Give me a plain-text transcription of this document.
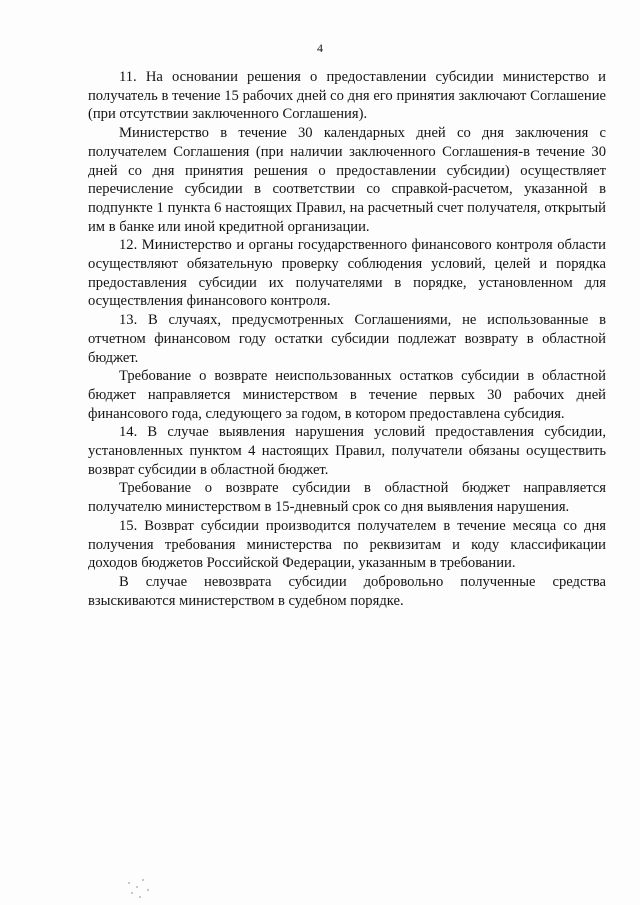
4

11. На основании решения о предоставлении субсидии министерство и получатель в течение 15 рабочих дней со дня его принятия заключают Соглашение (при отсутствии заключенного Соглашения).

Министерство в течение 30 календарных дней со дня заключения с получателем Соглашения (при наличии заключенного Соглашения-в течение 30 дней со дня принятия решения о предоставлении субсидии) осуществляет перечисление субсидии в соответствии со справкой-расчетом, указанной в подпункте 1 пункта 6 настоящих Правил, на расчетный счет получателя, открытый им в банке или иной кредитной организации.

12. Министерство и органы государственного финансового контроля области осуществляют обязательную проверку соблюдения условий, целей и порядка предоставления субсидии их получателями в порядке, установленном для осуществления финансового контроля.

13. В случаях, предусмотренных Соглашениями, не использованные в отчетном финансовом году остатки субсидии подлежат возврату в областной бюджет.

Требование о возврате неиспользованных остатков субсидии в областной бюджет направляется министерством в течение первых 30 рабочих дней финансового года, следующего за годом, в котором предоставлена субсидия.

14. В случае выявления нарушения условий предоставления субсидии, установленных пунктом 4 настоящих Правил, получатели обязаны осуществить возврат субсидии в областной бюджет.

Требование о возврате субсидии в областной бюджет направляется получателю министерством в 15-дневный срок со дня выявления нарушения.

15. Возврат субсидии производится получателем в течение месяца со дня получения требования министерства по реквизитам и коду классификации доходов бюджетов Российской Федерации, указанным в требовании.

В случае невозврата субсидии добровольно полученные средства взыскиваются министерством в судебном порядке.
